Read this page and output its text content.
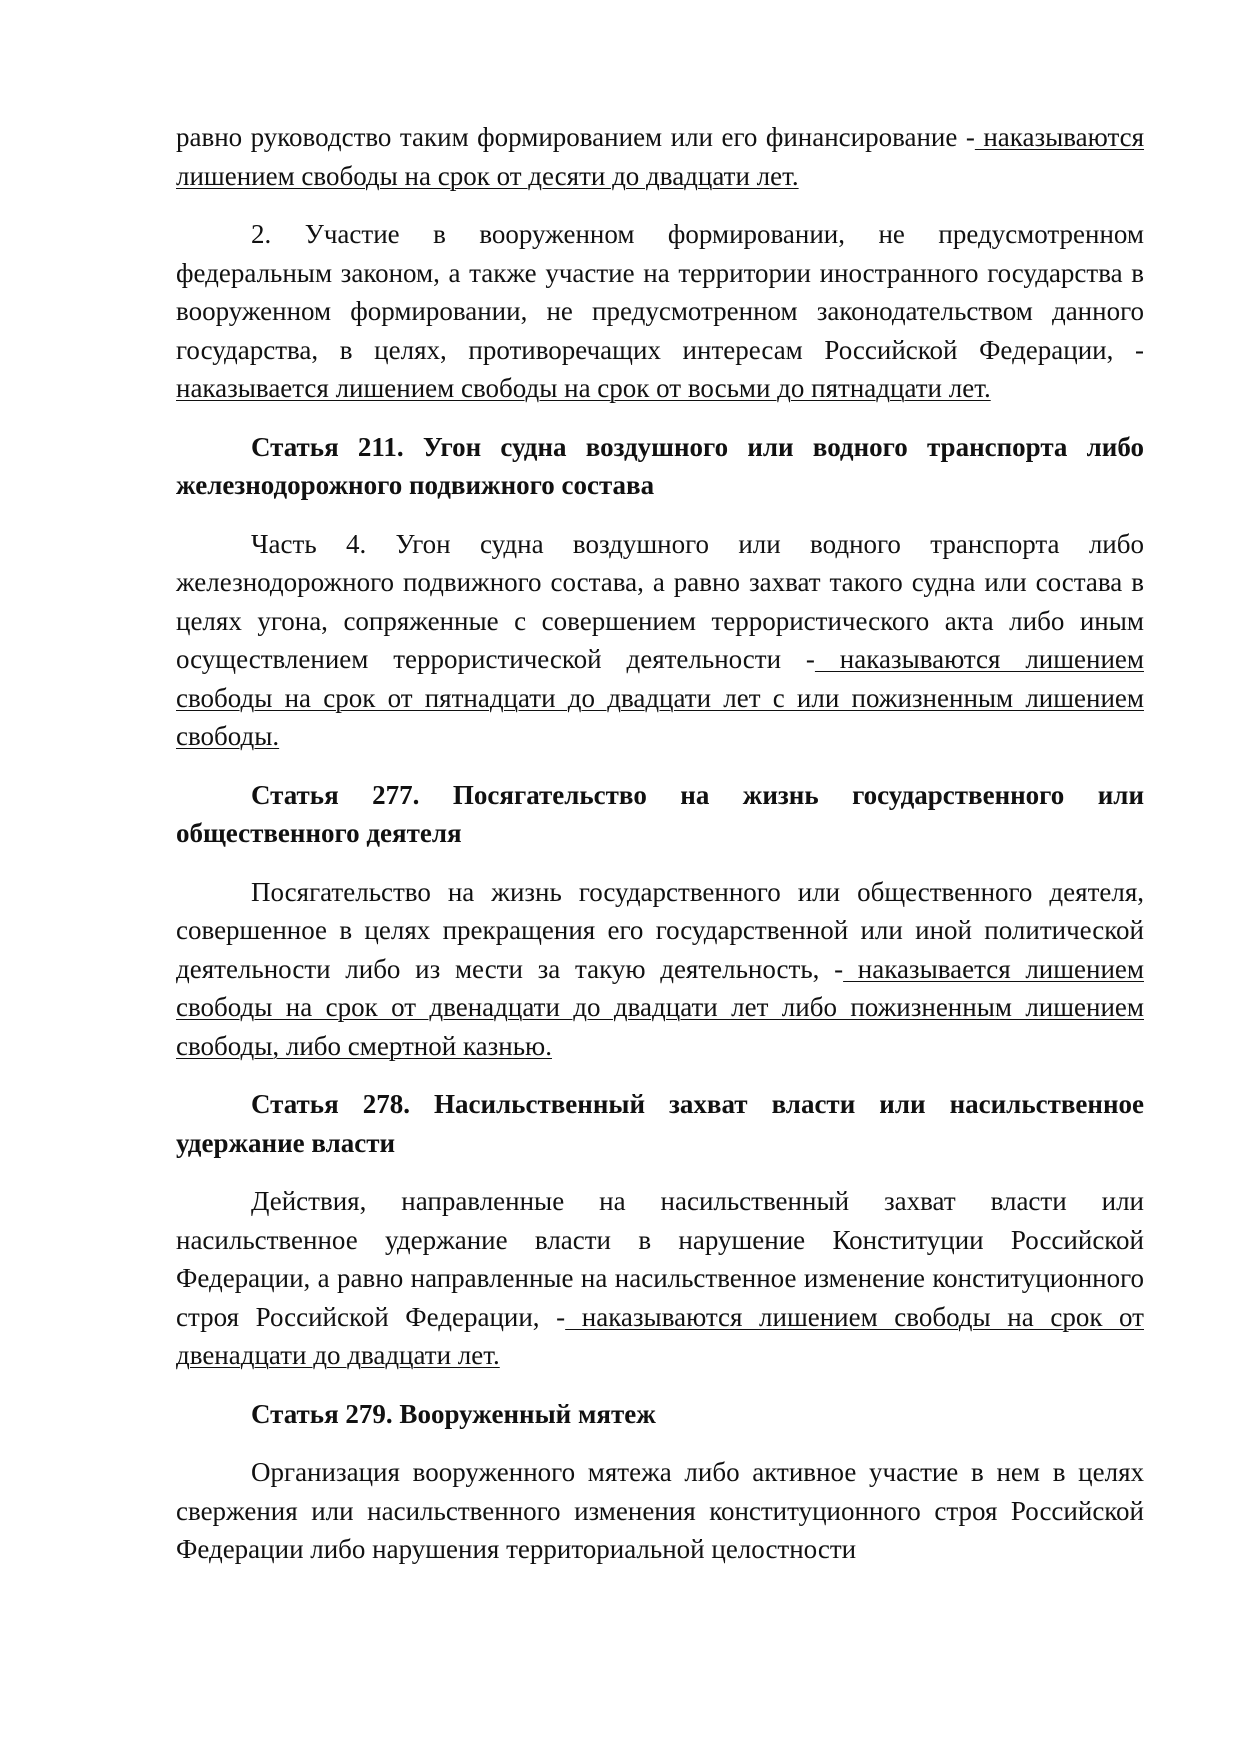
равно руководство таким формированием или его финансирование - наказываются лишением свободы на срок от десяти до двадцати лет.

2. Участие в вооруженном формировании, не предусмотренном федеральным законом, а также участие на территории иностранного государства в вооруженном формировании, не предусмотренном законодательством данного государства, в целях, противоречащих интересам Российской Федерации, - наказывается лишением свободы на срок от восьми до пятнадцати лет.

Статья 211. Угон судна воздушного или водного транспорта либо железнодорожного подвижного состава

Часть 4. Угон судна воздушного или водного транспорта либо железнодорожного подвижного состава, а равно захват такого судна или состава в целях угона, сопряженные с совершением террористического акта либо иным осуществлением террористической деятельности - наказываются лишением свободы на срок от пятнадцати до двадцати лет с или пожизненным лишением свободы.

Статья 277. Посягательство на жизнь государственного или общественного деятеля

Посягательство на жизнь государственного или общественного деятеля, совершенное в целях прекращения его государственной или иной политической деятельности либо из мести за такую деятельность, - наказывается лишением свободы на срок от двенадцати до двадцати лет либо пожизненным лишением свободы, либо смертной казнью.

Статья 278. Насильственный захват власти или насильственное удержание власти

Действия, направленные на насильственный захват власти или насильственное удержание власти в нарушение Конституции Российской Федерации, а равно направленные на насильственное изменение конституционного строя Российской Федерации, - наказываются лишением свободы на срок от двенадцати до двадцати лет.

Статья 279. Вооруженный мятеж

Организация вооруженного мятежа либо активное участие в нем в целях свержения или насильственного изменения конституционного строя Российской Федерации либо нарушения территориальной целостности
